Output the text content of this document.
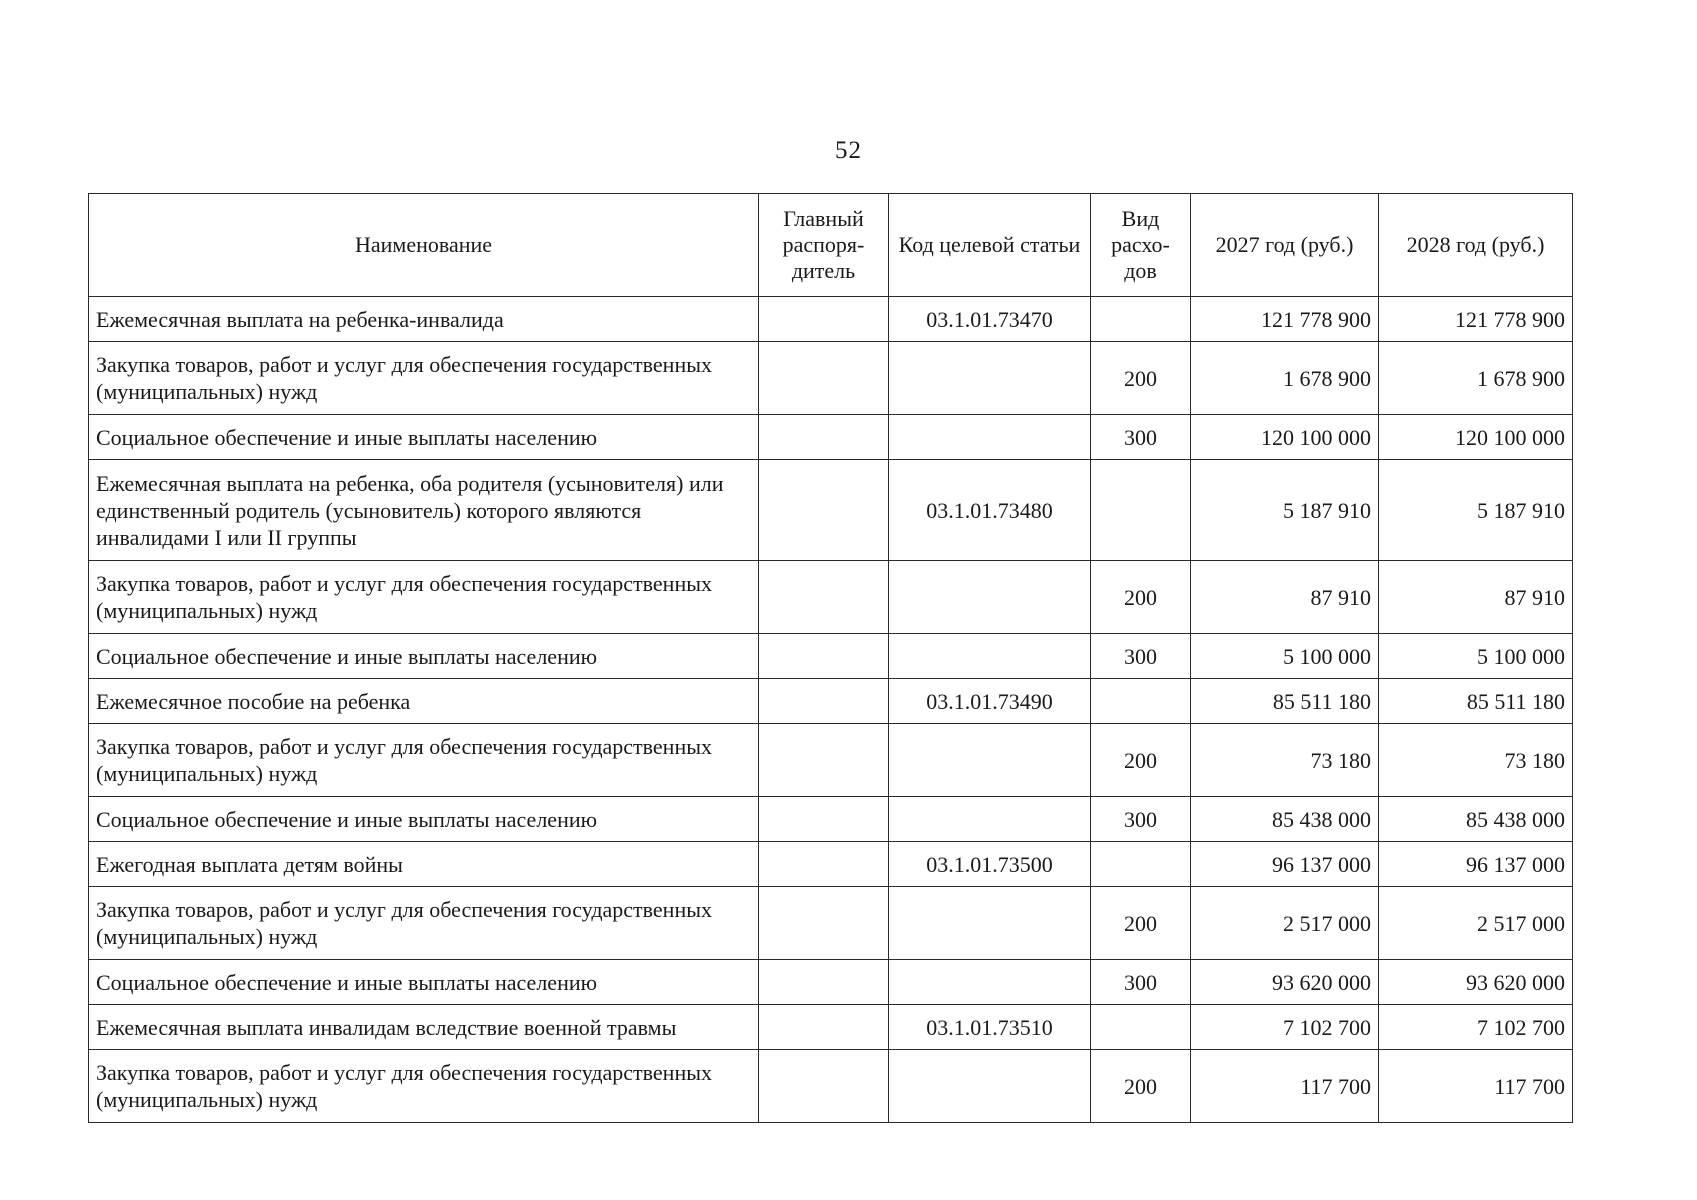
52
Наименование	Главный распоря-дитель	Код целевой статьи	Вид расхо-дов	2027 год (руб.)	2028 год (руб.)
Ежемесячная выплата на ребенка-инвалида		03.1.01.73470		121 778 900	121 778 900
Закупка товаров, работ и услуг для обеспечения государственных (муниципальных) нужд			200	1 678 900	1 678 900
Социальное обеспечение и иные выплаты населению			300	120 100 000	120 100 000
Ежемесячная выплата на ребенка, оба родителя (усыновителя) или единственный родитель (усыновитель) которого являются инвалидами I или II группы		03.1.01.73480		5 187 910	5 187 910
Закупка товаров, работ и услуг для обеспечения государственных (муниципальных) нужд			200	87 910	87 910
Социальное обеспечение и иные выплаты населению			300	5 100 000	5 100 000
Ежемесячное пособие на ребенка		03.1.01.73490		85 511 180	85 511 180
Закупка товаров, работ и услуг для обеспечения государственных (муниципальных) нужд			200	73 180	73 180
Социальное обеспечение и иные выплаты населению			300	85 438 000	85 438 000
Ежегодная выплата детям войны		03.1.01.73500		96 137 000	96 137 000
Закупка товаров, работ и услуг для обеспечения государственных (муниципальных) нужд			200	2 517 000	2 517 000
Социальное обеспечение и иные выплаты населению			300	93 620 000	93 620 000
Ежемесячная выплата инвалидам вследствие военной травмы		03.1.01.73510		7 102 700	7 102 700
Закупка товаров, работ и услуг для обеспечения государственных (муниципальных) нужд			200	117 700	117 700
